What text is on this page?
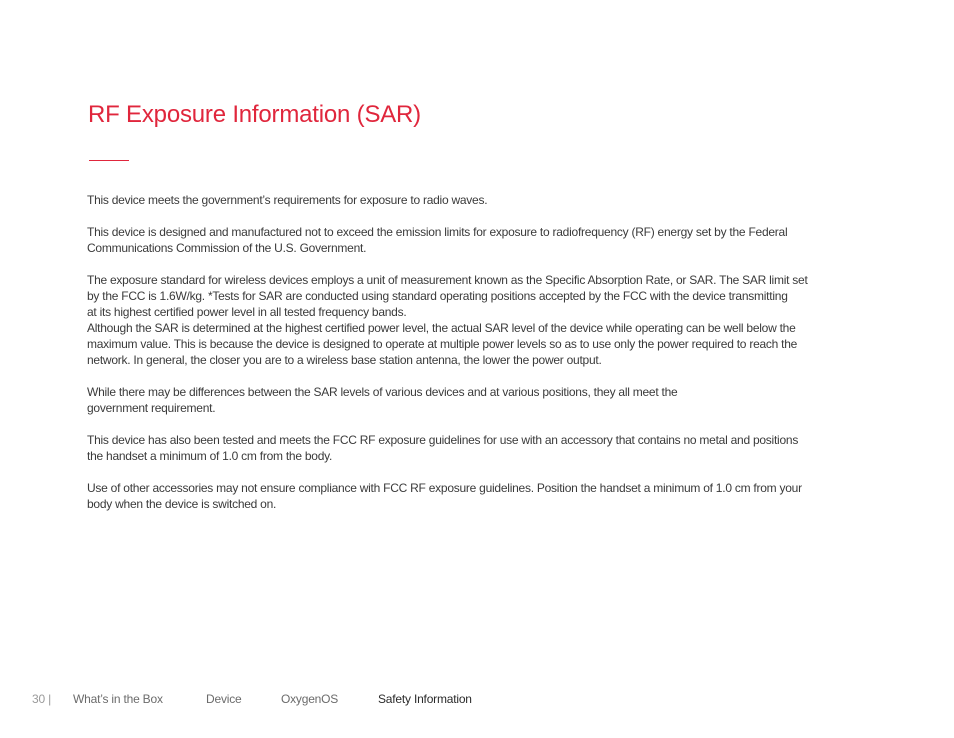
RF Exposure Information (SAR)

This device meets the government’s requirements for exposure to radio waves.

This device is designed and manufactured not to exceed the emission limits for exposure to radiofrequency (RF) energy set by the Federal
Communications Commission of the U.S. Government.

The exposure standard for wireless devices employs a unit of measurement known as the Specific Absorption Rate, or SAR. The SAR limit set
by the FCC is 1.6W/kg. *Tests for SAR are conducted using standard operating positions accepted by the FCC with the device transmitting
at its highest certified power level in all tested frequency bands.

Although the SAR is determined at the highest certified power level, the actual SAR level of the device while operating can be well below the
maximum value. This is because the device is designed to operate at multiple power levels so as to use only the power required to reach the
network. In general, the closer you are to a wireless base station antenna, the lower the power output.

While there may be differences between the SAR levels of various devices and at various positions, they all meet the
government requirement.

This device has also been tested and meets the FCC RF exposure guidelines for use with an accessory that contains no metal and positions
the handset a minimum of 1.0 cm from the body.

Use of other accessories may not ensure compliance with FCC RF exposure guidelines. Position the handset a minimum of 1.0 cm from your
body when the device is switched on.

30 | What’s in the Box	Device	OxygenOS	Safety Information
